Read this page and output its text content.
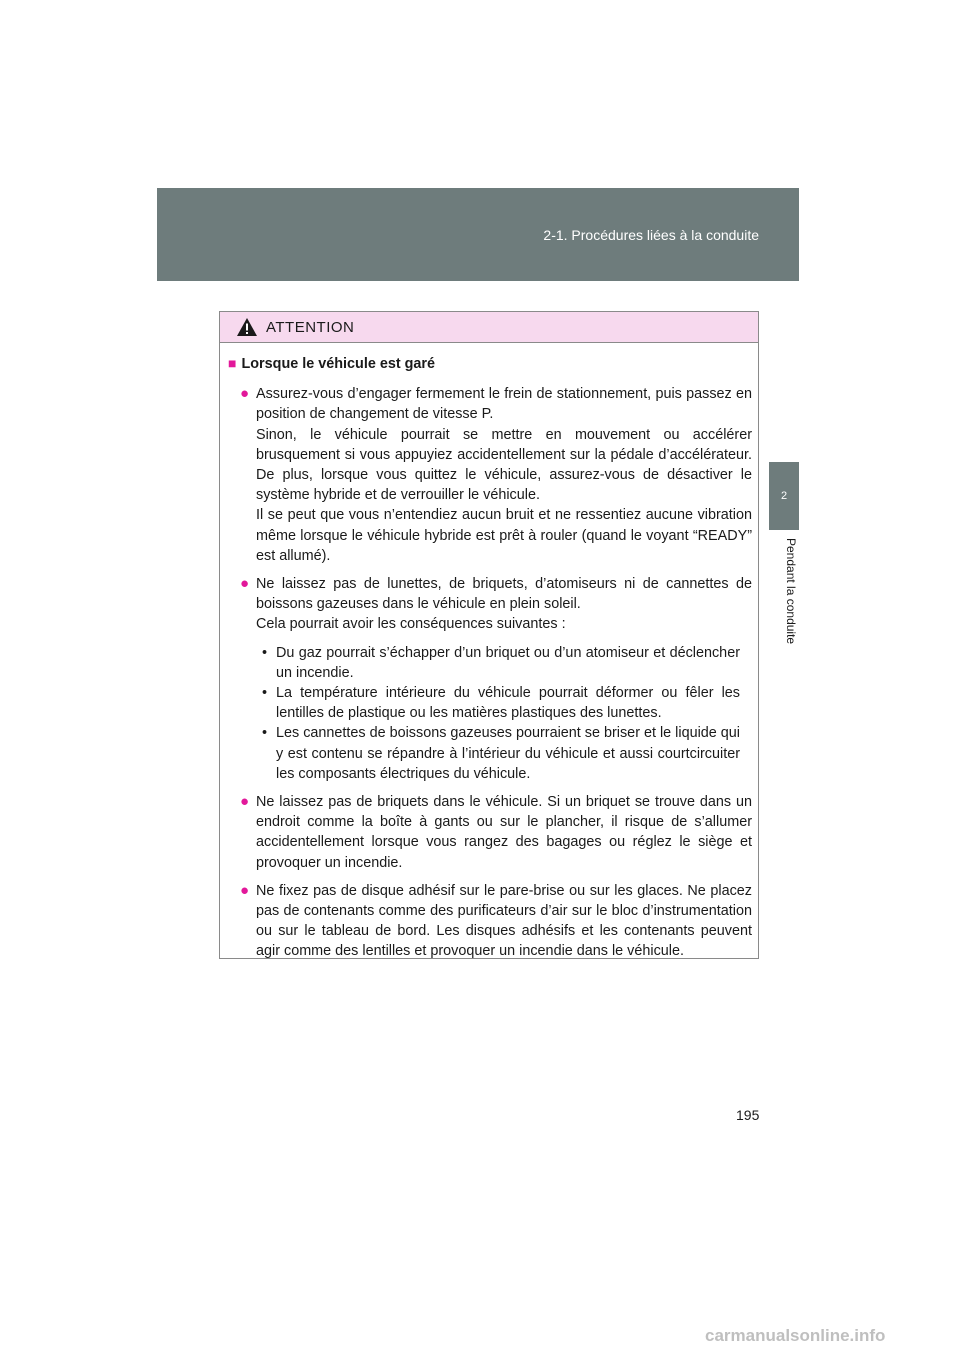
2-1. Procédures liées à la conduite
2
Pendant la conduite
ATTENTION
■ Lorsque le véhicule est garé
● Assurez-vous d’engager fermement le frein de stationnement, puis passez en position de changement de vitesse P.

Sinon, le véhicule pourrait se mettre en mouvement ou accélérer brusquement si vous appuyiez accidentellement sur la pédale d’accélérateur. De plus, lorsque vous quittez le véhicule, assurez-vous de désactiver le système hybride et de verrouiller le véhicule.

Il se peut que vous n’entendiez aucun bruit et ne ressentiez aucune vibration même lorsque le véhicule hybride est prêt à rouler (quand le voyant “READY” est allumé).

● Ne laissez pas de lunettes, de briquets, d’atomiseurs ni de cannettes de boissons gazeuses dans le véhicule en plein soleil.

Cela pourrait avoir les conséquences suivantes :

• Du gaz pourrait s’échapper d’un briquet ou d’un atomiseur et déclencher un incendie.
• La température intérieure du véhicule pourrait déformer ou fêler les lentilles de plastique ou les matières plastiques des lunettes.
• Les cannettes de boissons gazeuses pourraient se briser et le liquide qui y est contenu se répandre à l’intérieur du véhicule et aussi courtcircuiter les composants électriques du véhicule.
● Ne laissez pas de briquets dans le véhicule. Si un briquet se trouve dans un endroit comme la boîte à gants ou sur le plancher, il risque de s’allumer accidentellement lorsque vous rangez des bagages ou réglez le siège et provoquer un incendie.

● Ne fixez pas de disque adhésif sur le pare-brise ou sur les glaces. Ne placez pas de contenants comme des purificateurs d’air sur le bloc d’instrumentation ou sur le tableau de bord. Les disques adhésifs et les contenants peuvent agir comme des lentilles et provoquer un incendie dans le véhicule.

195
carmanualsonline.info
